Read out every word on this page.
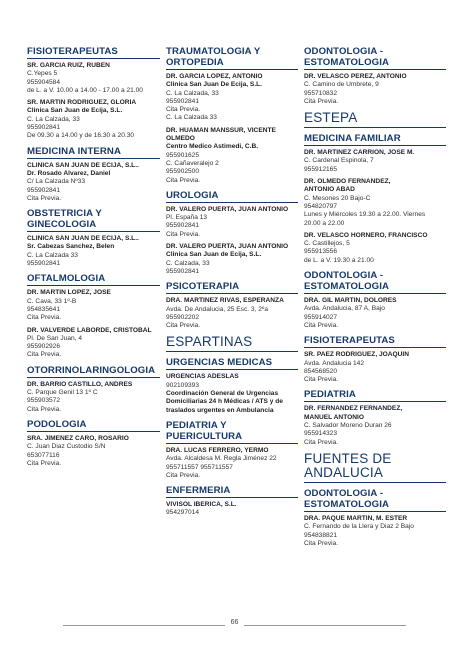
FISIOTERAPEUTAS
SR. GARCIA RUIZ, RUBEN
C.Yepes 5
955904584
de L. a V. 10.00 a 14.00 - 17.00 a 21.00
SR. MARTIN RODRIGUEZ, GLORIA
Clinica San Juan de Ecija, S.L.
C. La Calzada, 33
955902841
De 09.30 a 14.00 y de 16.30 a 20.30
MEDICINA INTERNA
CLINICA SAN JUAN DE ECIJA, S.L..
Dr. Rosado Alvarez, Daniel
C/ La Calzada Nº33
955902841
Cita Previa.
OBSTETRICIA Y GINECOLOGIA
CLINICA SAN JUAN DE ECIJA, S.L..
Sr. Cabezas Sanchez, Belen
C. La Calzada 33
955902841
OFTALMOLOGIA
DR. MARTIN LOPEZ, JOSE
C. Cava, 33 1º-B
954835641
Cita Previa.
DR. VALVERDE LABORDE, CRISTOBAL
Pl. De San Juan, 4
955902926
Cita Previa.
OTORRINOLARINGOLOGIA
DR. BARRIO CASTILLO, ANDRES
C. Parque Genil 13 1º C
955903572
Cita Previa.
PODOLOGIA
SRA. JIMENEZ CARO, ROSARIO
C. Juan Diaz Custodio S/N
653077116
Cita Previa.
TRAUMATOLOGIA Y ORTOPEDIA
DR. GARCIA LOPEZ, ANTONIO
Clinica San Juan De Ecija, S.L.
C. La Calzada, 33
955902841
Cita Previa.
C. La Calzada 33
DR. HUAMAN MANSSUR, VICENTE
OLMEDO
Centro Medico Astimedi, C.B.
955901625
C. Cañaveralejo 2
955902500
Cita Previa.
UROLOGIA
DR. VALERO PUERTA, JUAN ANTONIO
Pl. España 13
955902841
Cita Previa.
DR. VALERO PUERTA, JUAN ANTONIO
Clinica San Juan de Ecija, S.L.
C. Calzada, 33
955902841
PSICOTERAPIA
DRA. MARTINEZ RIVAS, ESPERANZA
Avda. De Andalucia, 25 Esc. 3, 2ºa
955902202
Cita Previa.
ESPARTINAS
URGENCIAS MEDICAS
URGENCIAS ADESLAS
902109393
Coordinación General de Urgencias
Domiciliarias 24 h Médicas / ATS y de
traslados urgentes en Ambulancia
PEDIATRIA Y PUERICULTURA
DRA. LUCAS FERRERO, YERMO
Avda. Alcaldesa M. Regla Jiménez 22
955711557 955711557
Cita Previa.
ENFERMERIA
VIVISOL IBERICA, S.L.
954297014
ODONTOLOGIA - ESTOMATOLOGIA
DR. VELASCO PEREZ, ANTONIO
C. Camino de Umbrete, 9
955710832
Cita Previa.
ESTEPA
MEDICINA FAMILIAR
DR. MARTINEZ CARRION, JOSE M.
C. Cardenal Espinola, 7
955912165
DR. OLMEDO FERNANDEZ,
ANTONIO ABAD
C. Mesones 20 Bajo-C
954820797
Lunes y Miércoles 19.30 a 22.00. Viernes
20.00 a 22.00
DR. VELASCO HORNERO, FRANCISCO
C. Castillejos, 5
955913556
de L. a V. 19.30 a 21.00
ODONTOLOGIA - ESTOMATOLOGIA
DRA. GIL MARTIN, DOLORES
Avda. Andalucia, 87 A, Bajo
955914027
Cita Previa.
FISIOTERAPEUTAS
SR. PAEZ RODRIGUEZ, JOAQUIN
Avda. Andalucia 142
854568520
Cita Previa.
PEDIATRIA
DR. FERNANDEZ FERNANDEZ,
MANUEL ANTONIO
C. Salvador Moreno Duran 26
955914323
Cita Previa.
FUENTES DE ANDALUCIA
ODONTOLOGIA - ESTOMATOLOGIA
DRA. PAQUE MARTIN, M. ESTER
C. Fernando de la Llera y Diaz 2 Bajo
954838821
Cita Previa.
66
